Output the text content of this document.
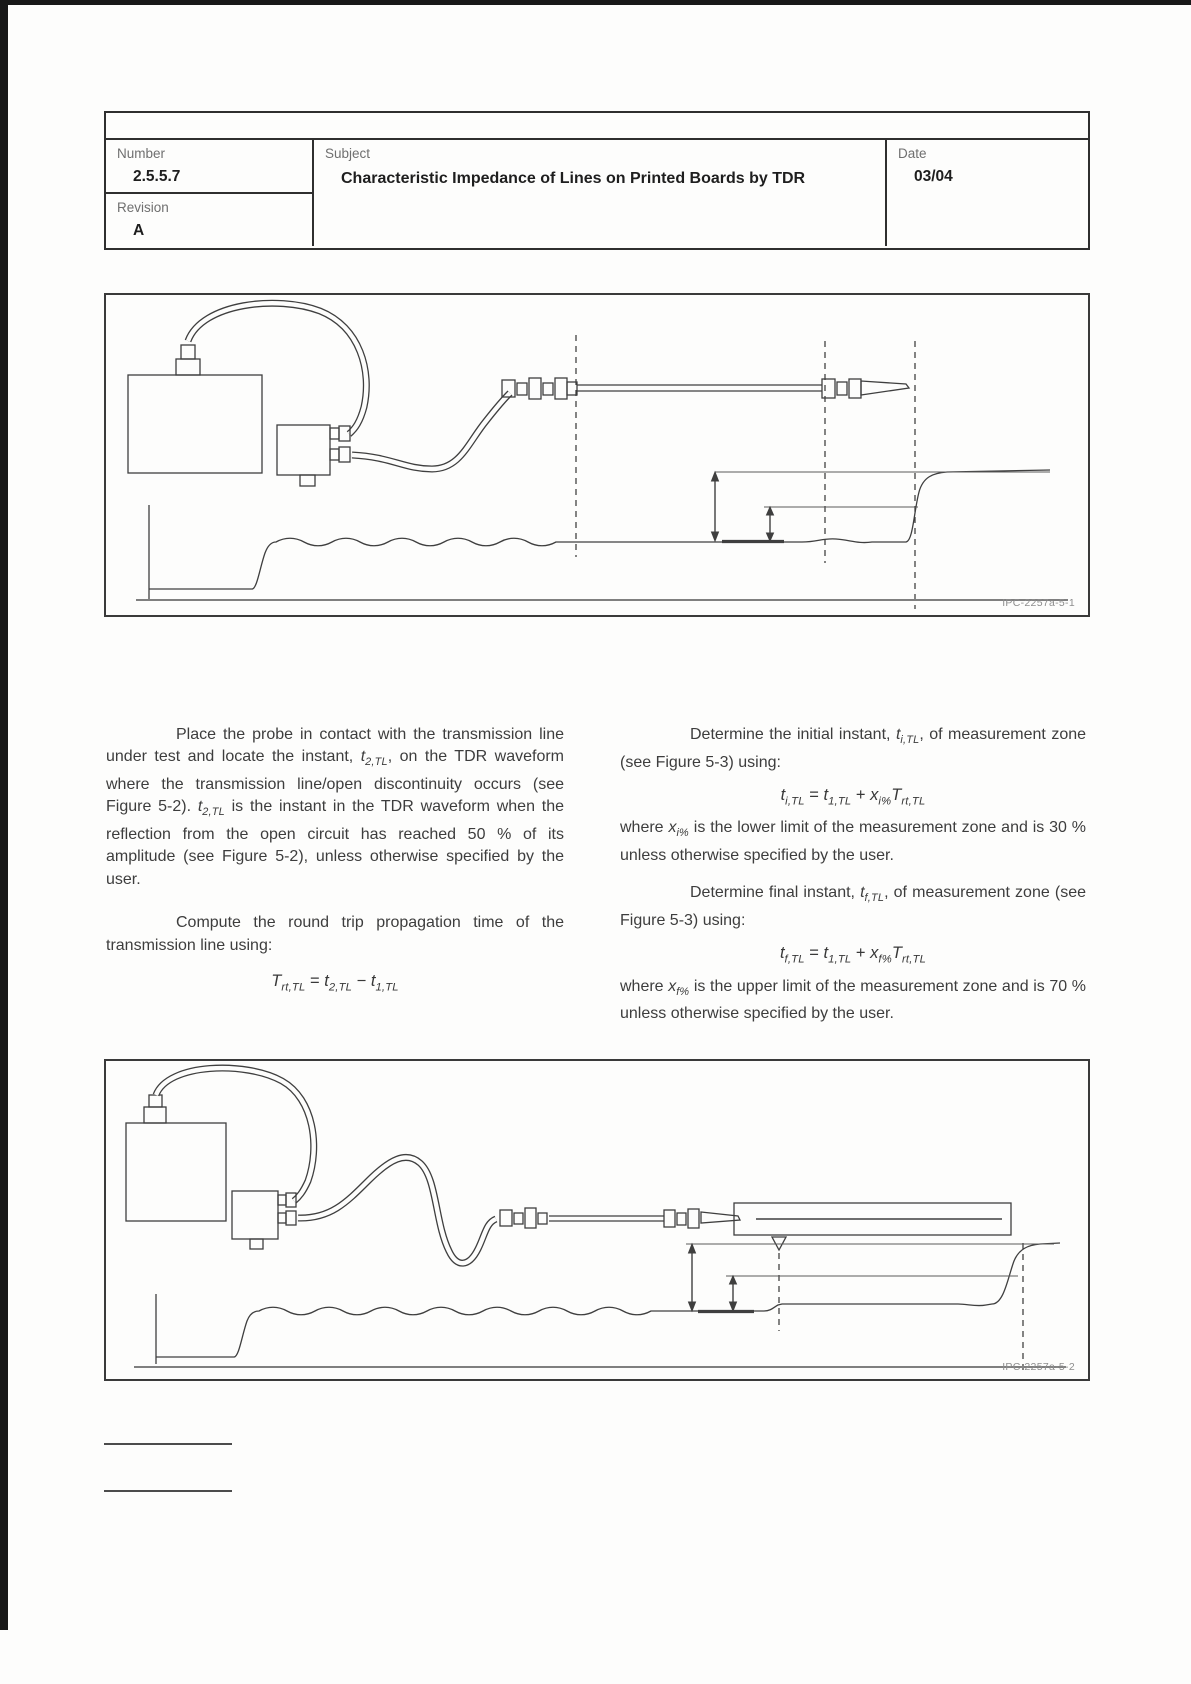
Number
2.5.5.7
Revision
A
Subject
Characteristic Impedance of Lines on Printed Boards by TDR
Date
03/04
IPC-2257a-5-1

Place the probe in contact with the transmission line under test and locate the instant, $t_{2,TL}$, on the TDR waveform where the transmission line/open discontinuity occurs (see Figure 5-2). $t_{2,TL}$ is the instant in the TDR waveform when the reflection from the open circuit has reached 50 % of its amplitude (see Figure 5-2), unless otherwise specified by the user.

Compute the round trip propagation time of the transmission line using:

$T_{rt,TL} = t_{2,TL} - t_{1,TL}$

Determine the initial instant, $t_{i,TL}$, of measurement zone (see Figure 5-3) using:

$t_{i,TL} = t_{1,TL} + x_{i\%}T_{rt,TL}$

where $x_{i\%}$ is the lower limit of the measurement zone and is 30 % unless otherwise specified by the user.

Determine final instant, $t_{f,TL}$, of measurement zone (see Figure 5-3) using:

$t_{f,TL} = t_{1,TL} + x_{f\%}T_{rt,TL}$

where $x_{f\%}$ is the upper limit of the measurement zone and is 70 % unless otherwise specified by the user.

IPC-2257a-5-2
